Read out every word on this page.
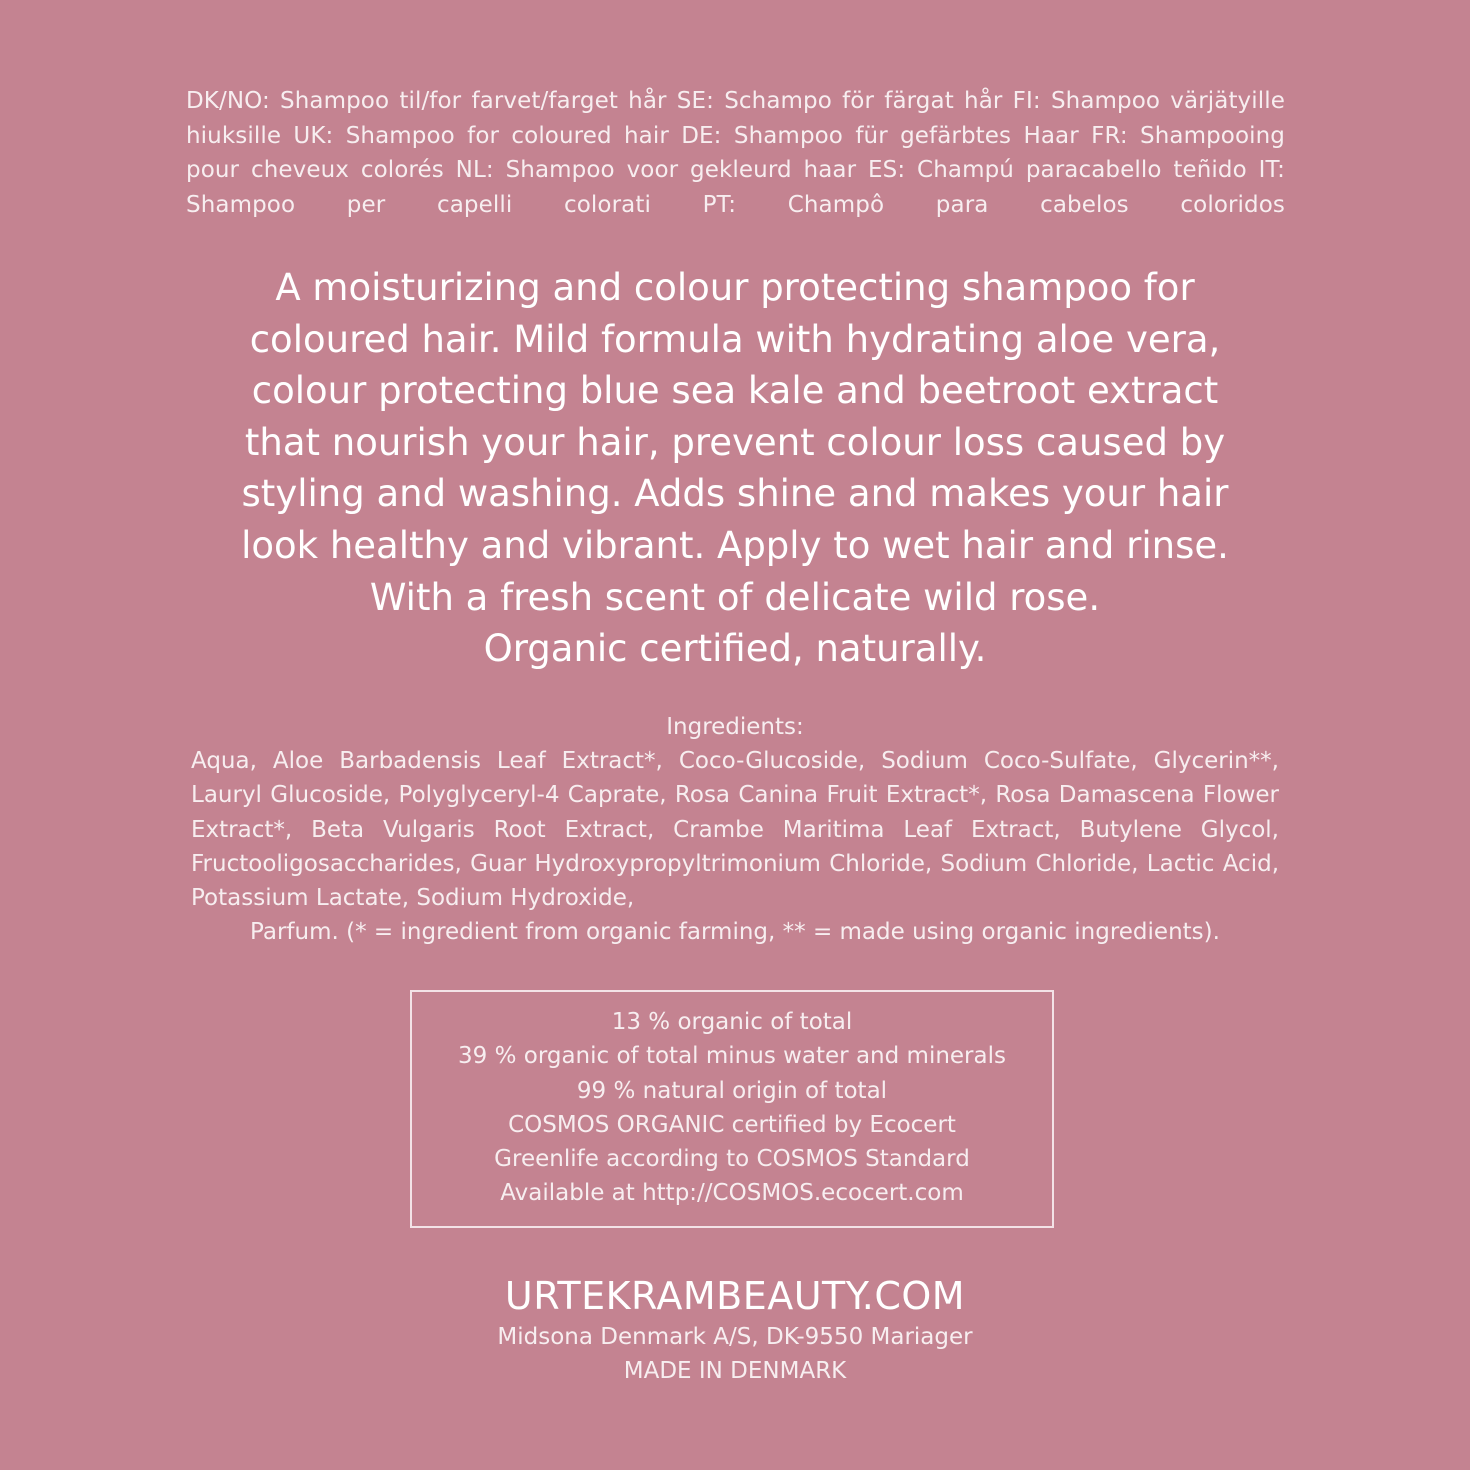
DK/NO: Shampoo til/for farvet/farget hår SE: Schampo för färgat hår FI: Shampoo värjätyille hiuksille UK: Shampoo for coloured hair DE: Shampoo für gefärbtes Haar FR: Shampooing pour cheveux colorés NL: Shampoo voor gekleurd haar ES: Champú paracabello teñido IT: Shampoo per capelli colorati PT: Champô para cabelos coloridos

A moisturizing and colour protecting shampoo for
coloured hair. Mild formula with hydrating aloe vera,
colour protecting blue sea kale and beetroot extract
that nourish your hair, prevent colour loss caused by
styling and washing. Adds shine and makes your hair
look healthy and vibrant. Apply to wet hair and rinse.
With a fresh scent of delicate wild rose.
Organic certified, naturally.
Ingredients:
Aqua, Aloe Barbadensis Leaf Extract*, Coco-Glucoside, Sodium Coco-Sulfate, Glycerin**, Lauryl Glucoside, Polyglyceryl-4 Caprate, Rosa Canina Fruit Extract*, Rosa Damascena Flower Extract*, Beta Vulgaris Root Extract, Crambe Maritima Leaf Extract, Butylene Glycol, Fructooligosaccharides, Guar Hydroxypropyltrimonium Chloride, Sodium Chloride, Lactic Acid, Potassium Lactate, Sodium Hydroxide,
Parfum. (* = ingredient from organic farming, ** = made using organic ingredients).
13 % organic of total
39 % organic of total minus water and minerals
99 % natural origin of total
COSMOS ORGANIC certified by Ecocert
Greenlife according to COSMOS Standard
Available at http://COSMOS.ecocert.com
URTEKRAMBEAUTY.COM
Midsona Denmark A/S, DK-9550 Mariager
MADE IN DENMARK
